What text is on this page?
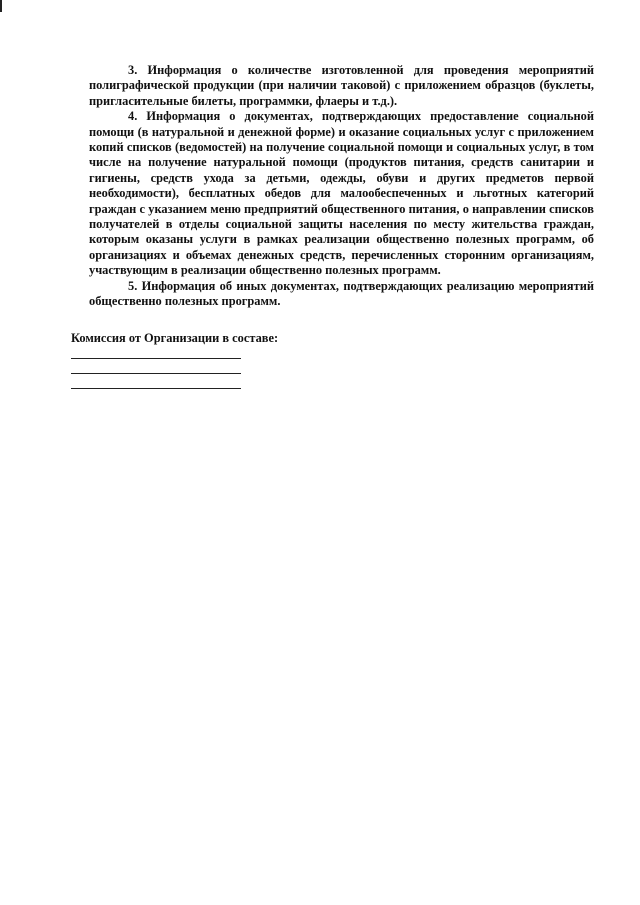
3. Информация о количестве изготовленной для проведения мероприятий полиграфической продукции (при наличии таковой) с приложением образцов (буклеты, пригласительные билеты, программки, флаеры и т.д.).

4. Информация о документах, подтверждающих предоставление социальной помощи (в натуральной и денежной форме) и оказание социальных услуг с приложением копий списков (ведомостей) на получение социальной помощи и социальных услуг, в том числе на получение натуральной помощи (продуктов питания, средств санитарии и гигиены, средств ухода за детьми, одежды, обуви и других предметов первой необходимости), бесплатных обедов для малообеспеченных и льготных категорий граждан с указанием меню предприятий общественного питания, о направлении списков получателей в отделы социальной защиты населения по месту жительства граждан, которым оказаны услуги в рамках реализации общественно полезных программ, об организациях и объемах денежных средств, перечисленных сторонним организациям, участвующим в реализации общественно полезных программ.

5. Информация об иных документах, подтверждающих реализацию мероприятий общественно полезных программ.

Комиссия от Организации в составе:
